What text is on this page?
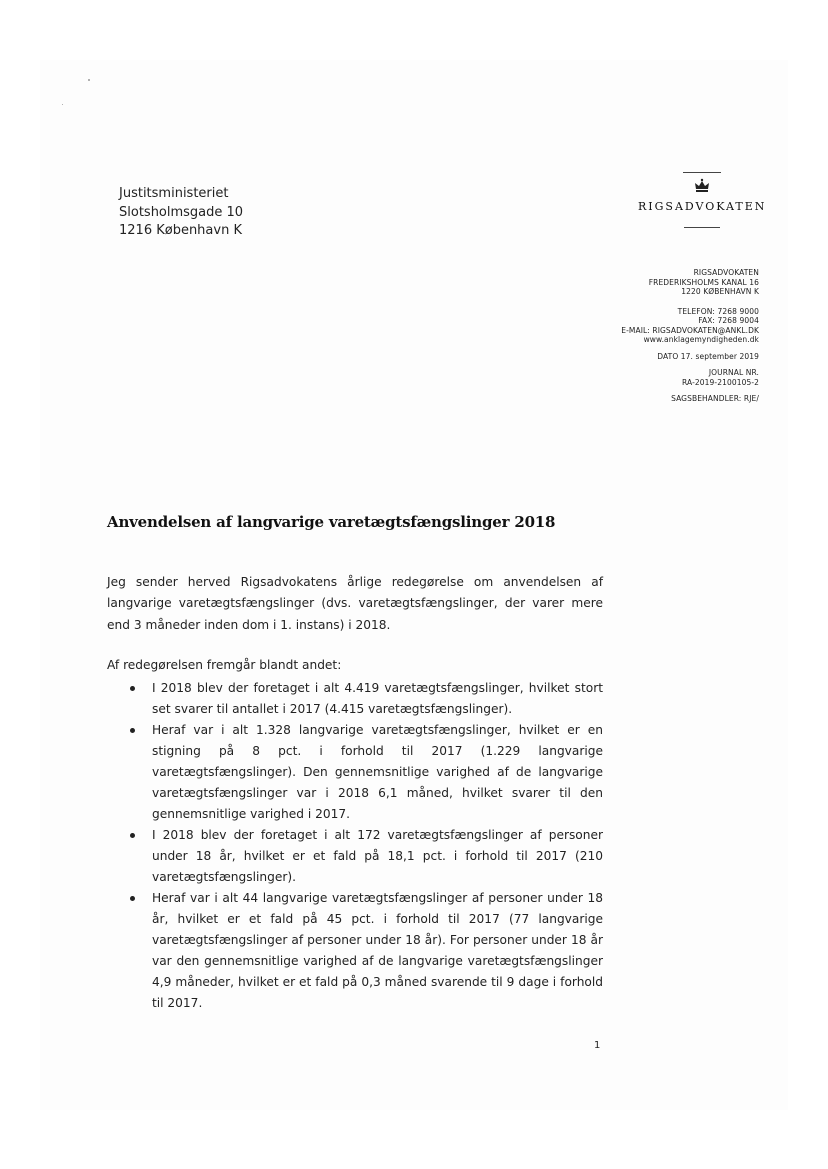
Justitsministeriet
Slotsholmsgade 10
1216 København K
RIGSADVOKATEN
RIGSADVOKATEN
FREDERIKSHOLMS KANAL 16
1220 KØBENHAVN K
TELEFON: 7268 9000
FAX: 7268 9004
E-MAIL: RIGSADVOKATEN@ANKL.DK
www.anklagemyndigheden.dk
DATO 17. september 2019
JOURNAL NR.
RA-2019-2100105-2
SAGSBEHANDLER: RJE/
Anvendelsen af langvarige varetægtsfængslinger 2018

Jeg sender herved Rigsadvokatens årlige redegørelse om anvendelsen af langvarige varetægtsfængslinger (dvs. varetægtsfængslinger, der varer mere end 3 måneder inden dom i 1. instans) i 2018.

Af redegørelsen fremgår blandt andet:

I 2018 blev der foretaget i alt 4.419 varetægtsfængslinger, hvilket stort set svarer til antallet i 2017 (4.415 varetægtsfængslinger).
Heraf var i alt 1.328 langvarige varetægtsfængslinger, hvilket er en stigning på 8 pct. i forhold til 2017 (1.229 langvarige varetægtsfængslinger). Den gennemsnitlige varighed af de langvarige varetægtsfængslinger var i 2018 6,1 måned, hvilket svarer til den gennemsnitlige varighed i 2017.
I 2018 blev der foretaget i alt 172 varetægtsfængslinger af personer under 18 år, hvilket er et fald på 18,1 pct. i forhold til 2017 (210 varetægtsfængslinger).
Heraf var i alt 44 langvarige varetægtsfængslinger af personer under 18 år, hvilket er et fald på 45 pct. i forhold til 2017 (77 langvarige varetægtsfængslinger af personer under 18 år). For personer under 18 år var den gennemsnitlige varighed af de langvarige varetægtsfængslinger 4,9 måneder, hvilket er et fald på 0,3 måned svarende til 9 dage i forhold til 2017.
1
